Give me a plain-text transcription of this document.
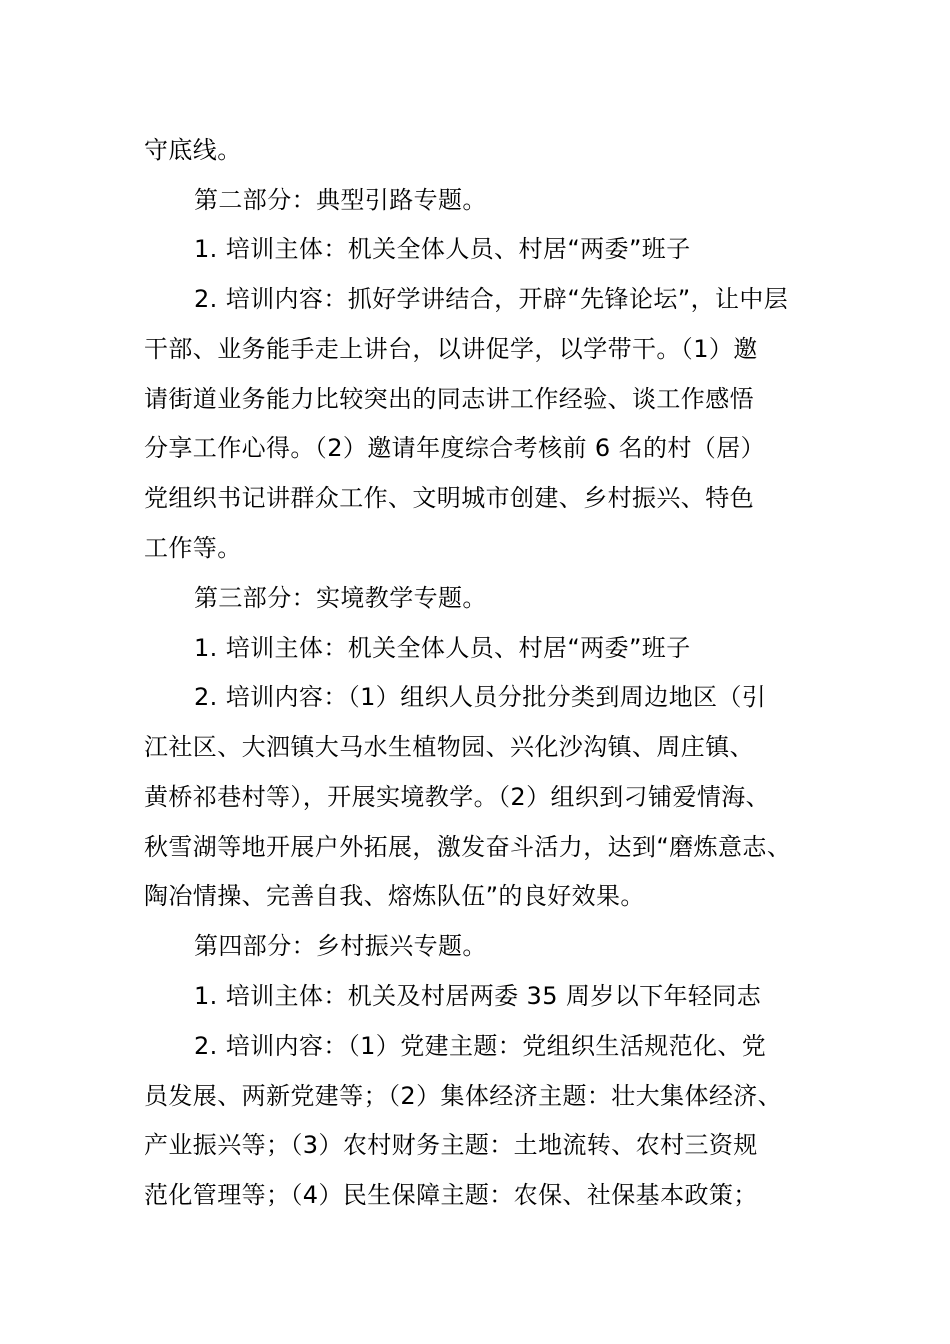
守底线。
第二部分：典型引路专题。
1. 培训主体：机关全体人员、村居“两委”班子
2. 培训内容：抓好学讲结合，开辟“先锋论坛”，让中层
干部、业务能手走上讲台，以讲促学，以学带干。（1）邀
请街道业务能力比较突出的同志讲工作经验、谈工作感悟
分享工作心得。（2）邀请年度综合考核前 6 名的村（居）
党组织书记讲群众工作、文明城市创建、乡村振兴、特色
工作等。
第三部分：实境教学专题。
1. 培训主体：机关全体人员、村居“两委”班子
2. 培训内容：（1）组织人员分批分类到周边地区（引
江社区、大泗镇大马水生植物园、兴化沙沟镇、周庄镇、
黄桥祁巷村等），开展实境教学。（2）组织到刁铺爱情海、
秋雪湖等地开展户外拓展，激发奋斗活力，达到“磨炼意志、
陶冶情操、完善自我、熔炼队伍”的良好效果。
第四部分：乡村振兴专题。
1. 培训主体：机关及村居两委 35 周岁以下年轻同志
2. 培训内容：（1）党建主题：党组织生活规范化、党
员发展、两新党建等；（2）集体经济主题：壮大集体经济、
产业振兴等；（3）农村财务主题：土地流转、农村三资规
范化管理等；（4）民生保障主题：农保、社保基本政策；
